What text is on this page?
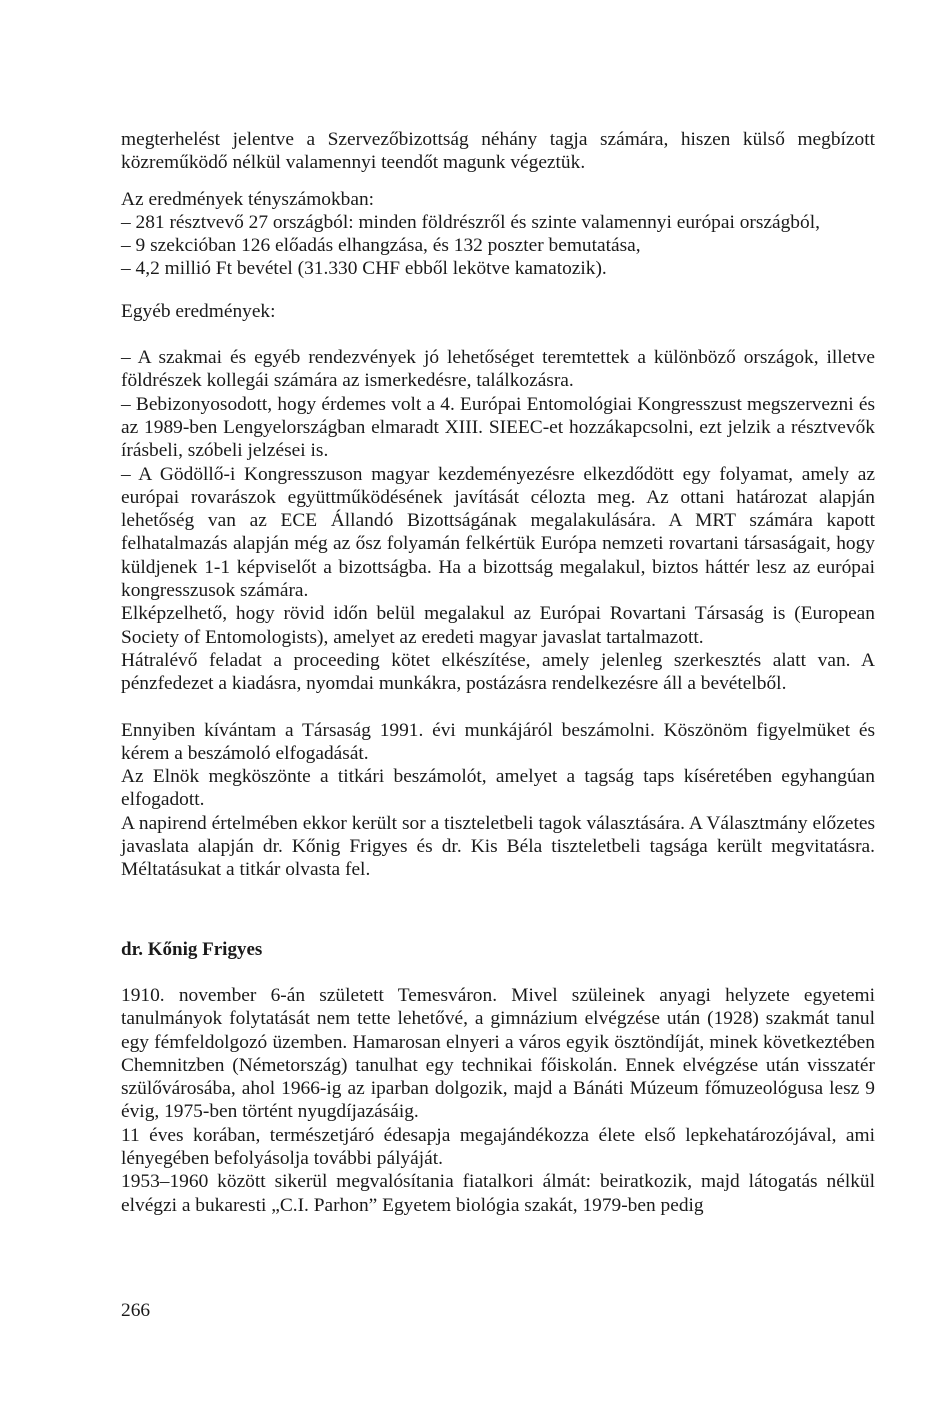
megterhelést jelentve a Szervezőbizottság néhány tagja számára, hiszen külső megbízott közreműködő nélkül valamennyi teendőt magunk végeztük.

Az eredmények tényszámokban:

– 281 résztvevő 27 országból: minden földrészről és szinte valamennyi európai országból,

– 9 szekcióban 126 előadás elhangzása, és 132 poszter bemutatása,

– 4,2 millió Ft bevétel (31.330 CHF ebből lekötve kamatozik).

Egyéb eredmények:

– A szakmai és egyéb rendezvények jó lehetőséget teremtettek a különböző országok, illetve földrészek kollegái számára az ismerkedésre, találkozásra.

– Bebizonyosodott, hogy érdemes volt a 4. Európai Entomológiai Kongresszust megszervezni és az 1989-ben Lengyelországban elmaradt XIII. SIEEC-et hozzákapcsolni, ezt jelzik a résztvevők írásbeli, szóbeli jelzései is.

– A Gödöllő-i Kongresszuson magyar kezdeményezésre elkezdődött egy folyamat, amely az európai rovarászok együttműködésének javítását célozta meg. Az ottani határozat alapján lehetőség van az ECE Állandó Bizottságának megalakulására. A MRT számára kapott felhatalmazás alapján még az ősz folyamán felkértük Európa nemzeti rovartani társaságait, hogy küldjenek 1-1 képviselőt a bizottságba. Ha a bizottság megalakul, biztos háttér lesz az európai kongresszusok számára.

Elképzelhető, hogy rövid időn belül megalakul az Európai Rovartani Társaság is (European Society of Entomologists), amelyet az eredeti magyar javaslat tartalmazott.

Hátralévő feladat a proceeding kötet elkészítése, amely jelenleg szerkesztés alatt van. A pénzfedezet a kiadásra, nyomdai munkákra, postázásra rendelkezésre áll a bevételből.

Ennyiben kívántam a Társaság 1991. évi munkájáról beszámolni. Köszönöm figyelmüket és kérem a beszámoló elfogadását.

Az Elnök megköszönte a titkári beszámolót, amelyet a tagság taps kíséretében egyhangúan elfogadott.

A napirend értelmében ekkor került sor a tiszteletbeli tagok választására. A Választmány előzetes javaslata alapján dr. Kőnig Frigyes és dr. Kis Béla tiszteletbeli tagsága került megvitatásra. Méltatásukat a titkár olvasta fel.

dr. Kőnig Frigyes

1910. november 6-án született Temesváron. Mivel szüleinek anyagi helyzete egyetemi tanulmányok folytatását nem tette lehetővé, a gimnázium elvégzése után (1928) szakmát tanul egy fémfeldolgozó üzemben. Hamarosan elnyeri a város egyik ösztöndíját, minek következtében Chemnitzben (Németország) tanulhat egy technikai főiskolán. Ennek elvégzése után visszatér szülővárosába, ahol 1966-ig az iparban dolgozik, majd a Bánáti Múzeum főmuzeológusa lesz 9 évig, 1975-ben történt nyugdíjazásáig.

11 éves korában, természetjáró édesapja megajándékozza élete első lepkehatározójával, ami lényegében befolyásolja további pályáját.

1953–1960 között sikerül megvalósítania fiatalkori álmát: beiratkozik, majd látogatás nélkül elvégzi a bukaresti „C.I. Parhon” Egyetem biológia szakát, 1979-ben pedig

266
